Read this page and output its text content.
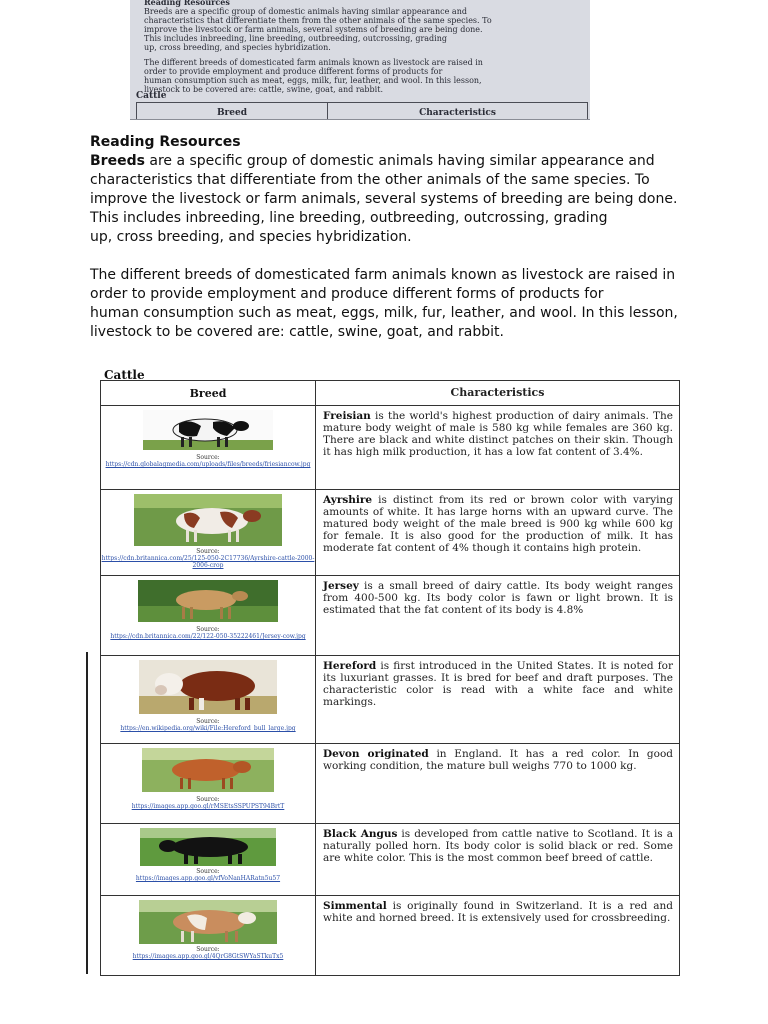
Reading Resources
Breeds are a specific group of domestic animals having similar appearance and
characteristics that differentiate them from the other animals of the same species. To
improve the livestock or farm animals, several systems of breeding are being done.
This includes inbreeding, line breeding, outbreeding, outcrossing, grading
up, cross breeding, and species hybridization.
The different breeds of domesticated farm animals known as livestock are raised in
order to provide employment and produce different forms of products for
human consumption such as meat, eggs, milk, fur, leather, and wool. In this lesson,
livestock to be covered are: cattle, swine, goat, and rabbit.
Cattle
Breed	Characteristics
Reading Resources

Breeds are a specific group of domestic animals having similar appearance and
characteristics that differentiate from the other animals of the same species. To
improve the livestock or farm animals, several systems of breeding are being done.
This includes inbreeding, line breeding, outbreeding, outcrossing, grading
up, cross breeding, and species hybridization.

The different breeds of domesticated farm animals known as livestock are raised in
order to provide employment and produce different forms of products for
human consumption such as meat, eggs, milk, fur, leather, and wool. In this lesson,
livestock to be covered are: cattle, swine, goat, and rabbit.

Cattle
Breed	Characteristics
Source:
https://cdn.globalagmedia.com/uploads/files/breeds/friesiancow.jpg
Freisian is the world's highest production of dairy animals. The mature body weight of male is 580 kg while females are 360 kg. There are black and white distinct patches on their skin. Though it has high milk production, it has a low fat content of 3.4%.
Source:
https://cdn.britannica.com/25/125-050-2C17736/Ayrshire-cattle-2000-2006-crop
Ayrshire is distinct from its red or brown color with varying amounts of white. It has large horns with an upward curve. The matured body weight of the male breed is 900 kg while 600 kg for female. It is also good for the production of milk. It has moderate fat content of 4% though it contains high protein.
Source:
https://cdn.britannica.com/22/122-050-35222461/Jersey-cow.jpg
Jersey is a small breed of dairy cattle. Its body weight ranges from 400-500 kg. Its body color is fawn or light brown. It is estimated that the fat content of its body is 4.8%
Source:
https://en.wikipedia.org/wiki/File:Hereford_bull_large.jpg
Hereford is first introduced in the United States. It is noted for its luxuriant grasses. It is bred for beef and draft purposes. The characteristic color is read with a white face and white markings.
Source:
https://images.app.goo.gl/rMSEtsSSPUPST94BrtT
Devon originated in England. It has a red color. In good working condition, the mature bull weighs 770 to 1000 kg.
Source:
https://images.app.goo.gl/vfVoNanHARatn5u57
Black Angus is developed from cattle native to Scotland. It is a naturally polled horn. Its body color is solid black or red. Some are white color. This is the most common beef breed of cattle.
Source:
https://images.app.goo.gl/4QrG8GtSWYaSTkuTx5
Simmental is originally found in Switzerland. It is a red and white and horned breed. It is extensively used for crossbreeding.
